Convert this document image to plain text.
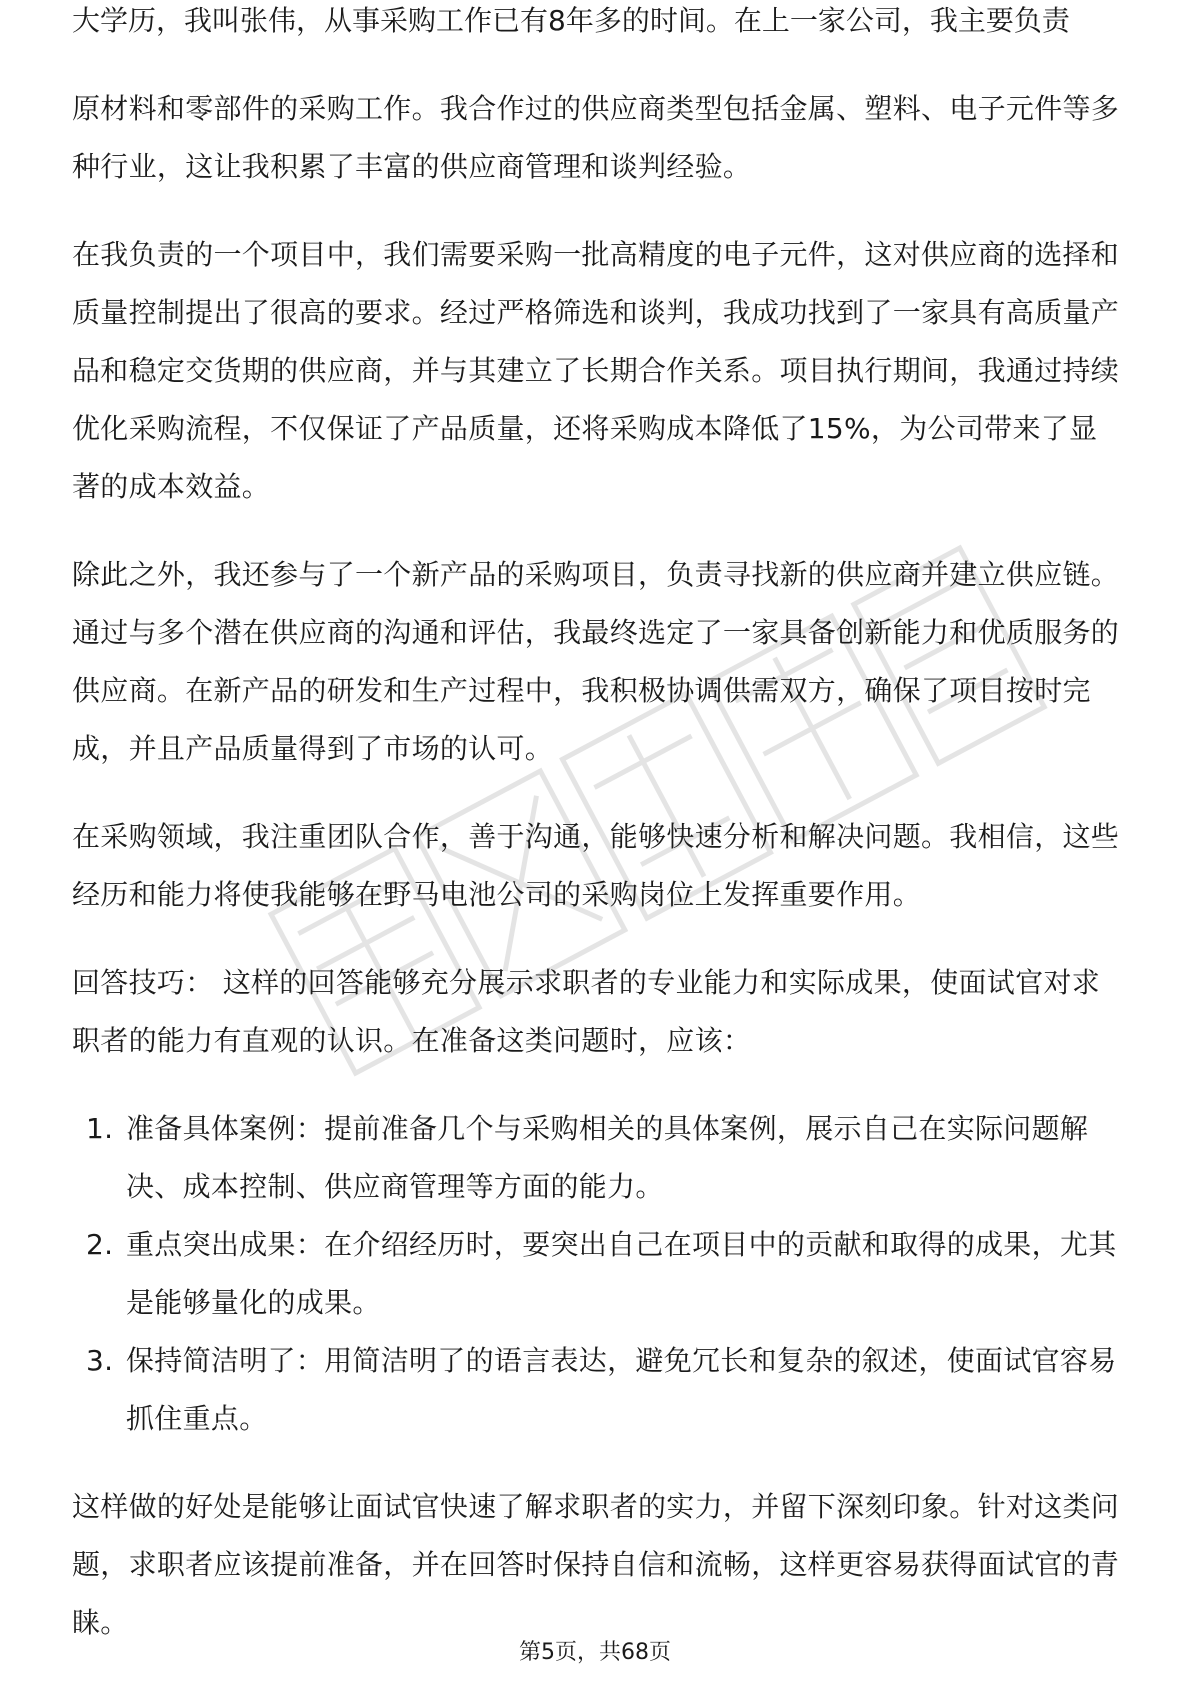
大学历，我叫张伟，从事采购工作已有8年多的时间。在上一家公司，我主要负责

原材料和零部件的采购工作。我合作过的供应商类型包括金属、塑料、电子元件等多种行业，这让我积累了丰富的供应商管理和谈判经验。

在我负责的一个项目中，我们需要采购一批高精度的电子元件，这对供应商的选择和质量控制提出了很高的要求。经过严格筛选和谈判，我成功找到了一家具有高质量产品和稳定交货期的供应商，并与其建立了长期合作关系。项目执行期间，我通过持续优化采购流程，不仅保证了产品质量，还将采购成本降低了15%，为公司带来了显著的成本效益。

除此之外，我还参与了一个新产品的采购项目，负责寻找新的供应商并建立供应链。通过与多个潜在供应商的沟通和评估，我最终选定了一家具备创新能力和优质服务的供应商。在新产品的研发和生产过程中，我积极协调供需双方，确保了项目按时完成，并且产品质量得到了市场的认可。

在采购领域，我注重团队合作，善于沟通，能够快速分析和解决问题。我相信，这些经历和能力将使我能够在野马电池公司的采购岗位上发挥重要作用。

回答技巧： 这样的回答能够充分展示求职者的专业能力和实际成果，使面试官对求职者的能力有直观的认识。在准备这类问题时，应该：

1. 准备具体案例：提前准备几个与采购相关的具体案例，展示自己在实际问题解决、成本控制、供应商管理等方面的能力。
2. 重点突出成果：在介绍经历时，要突出自己在项目中的贡献和取得的成果，尤其是能够量化的成果。
3. 保持简洁明了：用简洁明了的语言表达，避免冗长和复杂的叙述，使面试官容易抓住重点。

这样做的好处是能够让面试官快速了解求职者的实力，并留下深刻印象。针对这类问题，求职者应该提前准备，并在回答时保持自信和流畅，这样更容易获得面试官的青睐。

第5页，共68页
